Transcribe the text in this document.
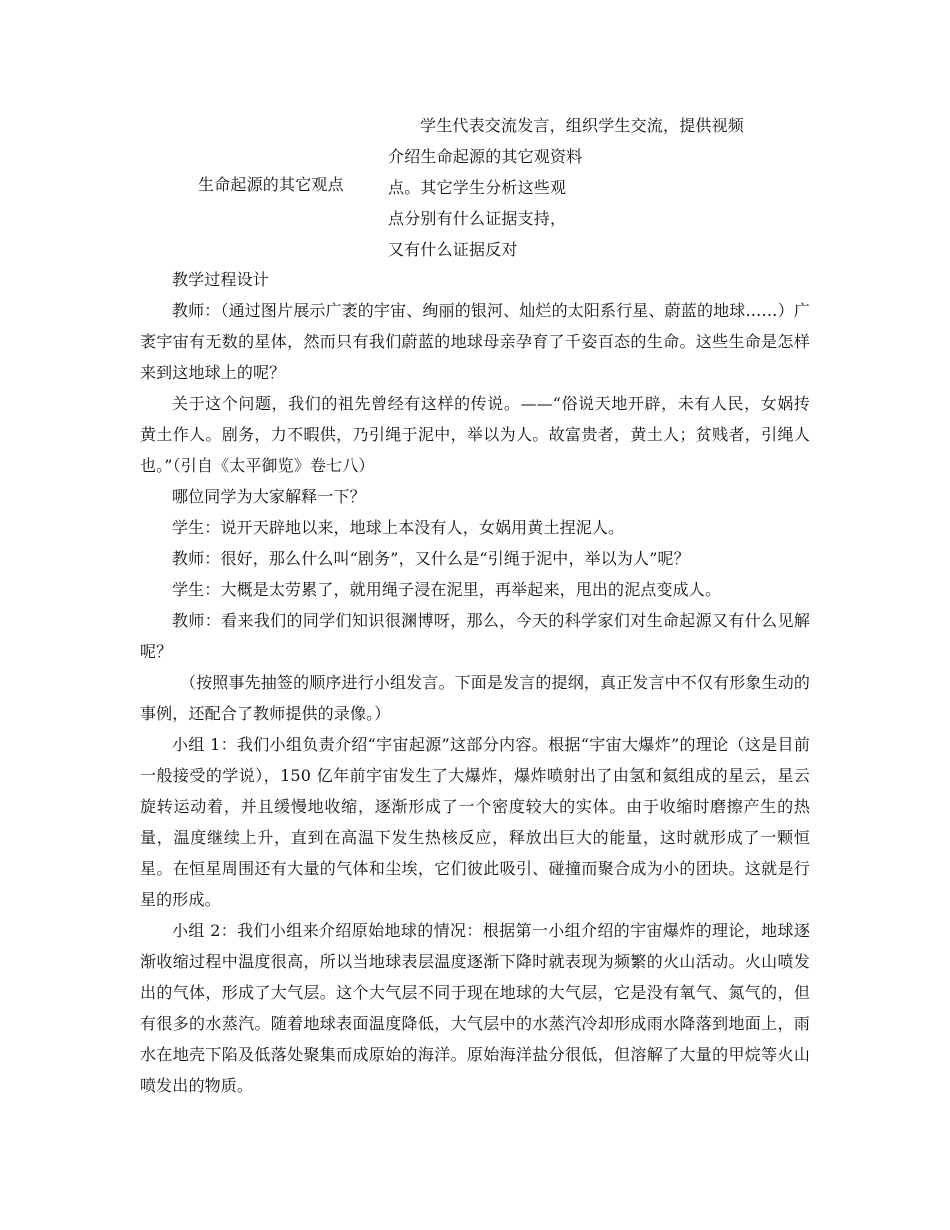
生命起源的其它观点
学生代表交流发言，组织学生交流，提供视频
介绍生命起源的其它观资料
点。其它学生分析这些观
点分别有什么证据支持，
又有什么证据反对

教学过程设计

教师：（通过图片展示广袤的宇宙、绚丽的银河、灿烂的太阳系行星、蔚蓝的地球……）广袤宇宙有无数的星体，然而只有我们蔚蓝的地球母亲孕育了千姿百态的生命。这些生命是怎样来到这地球上的呢？

关于这个问题，我们的祖先曾经有这样的传说。——“俗说天地开辟，未有人民，女娲抟黄土作人。剧务，力不暇供，乃引绳于泥中，举以为人。故富贵者，黄土人；贫贱者，引绳人也。”（引自《太平御览》卷七八）

哪位同学为大家解释一下？

学生：说开天辟地以来，地球上本没有人，女娲用黄土捏泥人。

教师：很好，那么什么叫“剧务”，又什么是“引绳于泥中，举以为人”呢？

学生：大概是太劳累了，就用绳子浸在泥里，再举起来，甩出的泥点变成人。

教师：看来我们的同学们知识很渊博呀，那么，今天的科学家们对生命起源又有什么见解呢？

（按照事先抽签的顺序进行小组发言。下面是发言的提纲，真正发言中不仅有形象生动的事例，还配合了教师提供的录像。）

小组 1：我们小组负责介绍“宇宙起源”这部分内容。根据“宇宙大爆炸”的理论（这是目前一般接受的学说），150 亿年前宇宙发生了大爆炸，爆炸喷射出了由氢和氦组成的星云，星云旋转运动着，并且缓慢地收缩，逐渐形成了一个密度较大的实体。由于收缩时磨擦产生的热量，温度继续上升，直到在高温下发生热核反应，释放出巨大的能量，这时就形成了一颗恒星。在恒星周围还有大量的气体和尘埃，它们彼此吸引、碰撞而聚合成为小的团块。这就是行星的形成。

小组 2：我们小组来介绍原始地球的情况：根据第一小组介绍的宇宙爆炸的理论，地球逐渐收缩过程中温度很高，所以当地球表层温度逐渐下降时就表现为频繁的火山活动。火山喷发出的气体，形成了大气层。这个大气层不同于现在地球的大气层，它是没有氧气、氮气的，但有很多的水蒸汽。随着地球表面温度降低，大气层中的水蒸汽冷却形成雨水降落到地面上，雨水在地壳下陷及低落处聚集而成原始的海洋。原始海洋盐分很低，但溶解了大量的甲烷等火山喷发出的物质。
